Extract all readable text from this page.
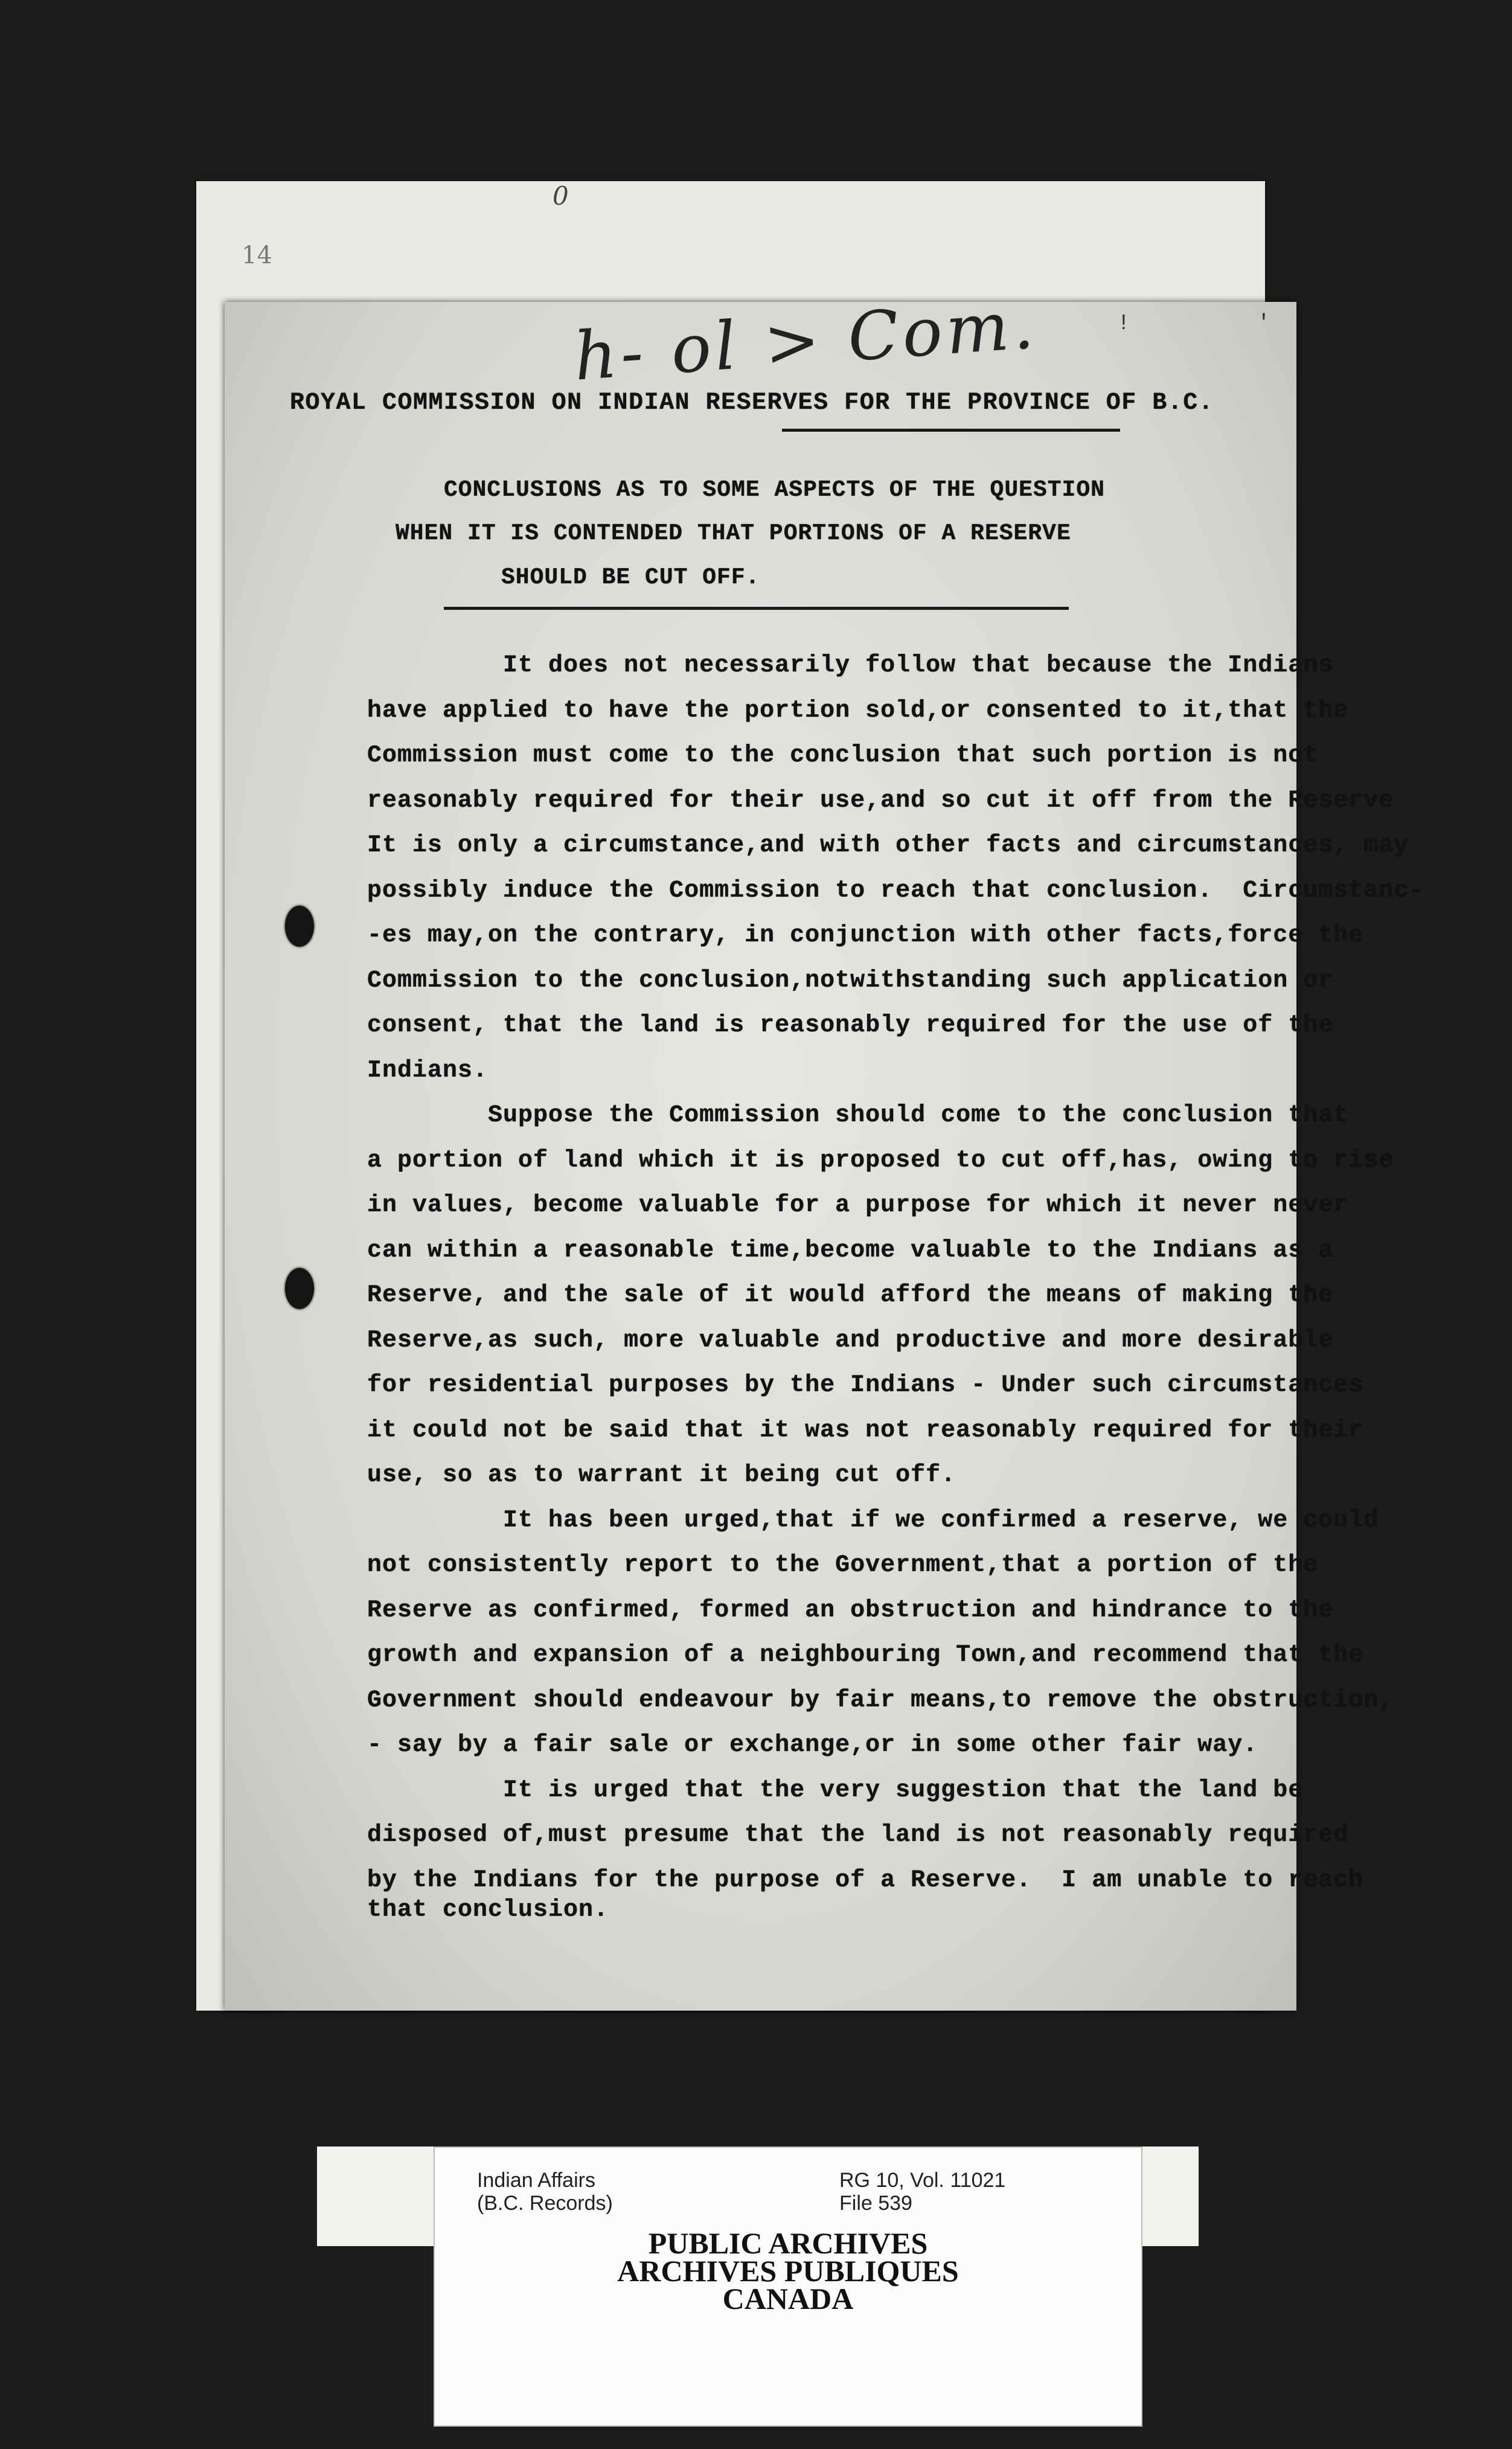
14
0
h- ol > Com.	!	'
ROYAL COMMISSION ON INDIAN RESERVES FOR THE PROVINCE OF B.C.
CONCLUSIONS AS TO SOME ASPECTS OF THE QUESTION
WHEN IT IS CONTENDED THAT PORTIONS OF A RESERVE
SHOULD BE CUT OFF.
It does not necessarily follow that because the Indians
have applied to have the portion sold,or consented to it,that the
Commission must come to the conclusion that such portion is not
reasonably required for their use,and so cut it off from the Reserve
It is only a circumstance,and with other facts and circumstances, may
possibly induce the Commission to reach that conclusion.  Circumstanc-
-es may,on the contrary, in conjunction with other facts,force the
Commission to the conclusion,notwithstanding such application or
consent, that the land is reasonably required for the use of the
Indians.
Suppose the Commission should come to the conclusion that
a portion of land which it is proposed to cut off,has, owing to rise
in values, become valuable for a purpose for which it never never
can within a reasonable time,become valuable to the Indians as a
Reserve, and the sale of it would afford the means of making the
Reserve,as such, more valuable and productive and more desirable
for residential purposes by the Indians - Under such circumstances
it could not be said that it was not reasonably required for their
use, so as to warrant it being cut off.
It has been urged,that if we confirmed a reserve, we could
not consistently report to the Government,that a portion of the
Reserve as confirmed, formed an obstruction and hindrance to the
growth and expansion of a neighbouring Town,and recommend that the
Government should endeavour by fair means,to remove the obstruction,
- say by a fair sale or exchange,or in some other fair way.
It is urged that the very suggestion that the land be
disposed of,must presume that the land is not reasonably required
by the Indians for the purpose of a Reserve.  I am unable to reach
that conclusion.
Indian Affairs
(B.C. Records)
RG 10, Vol. 11021
File 539
PUBLIC ARCHIVES
ARCHIVES PUBLIQUES
CANADA
